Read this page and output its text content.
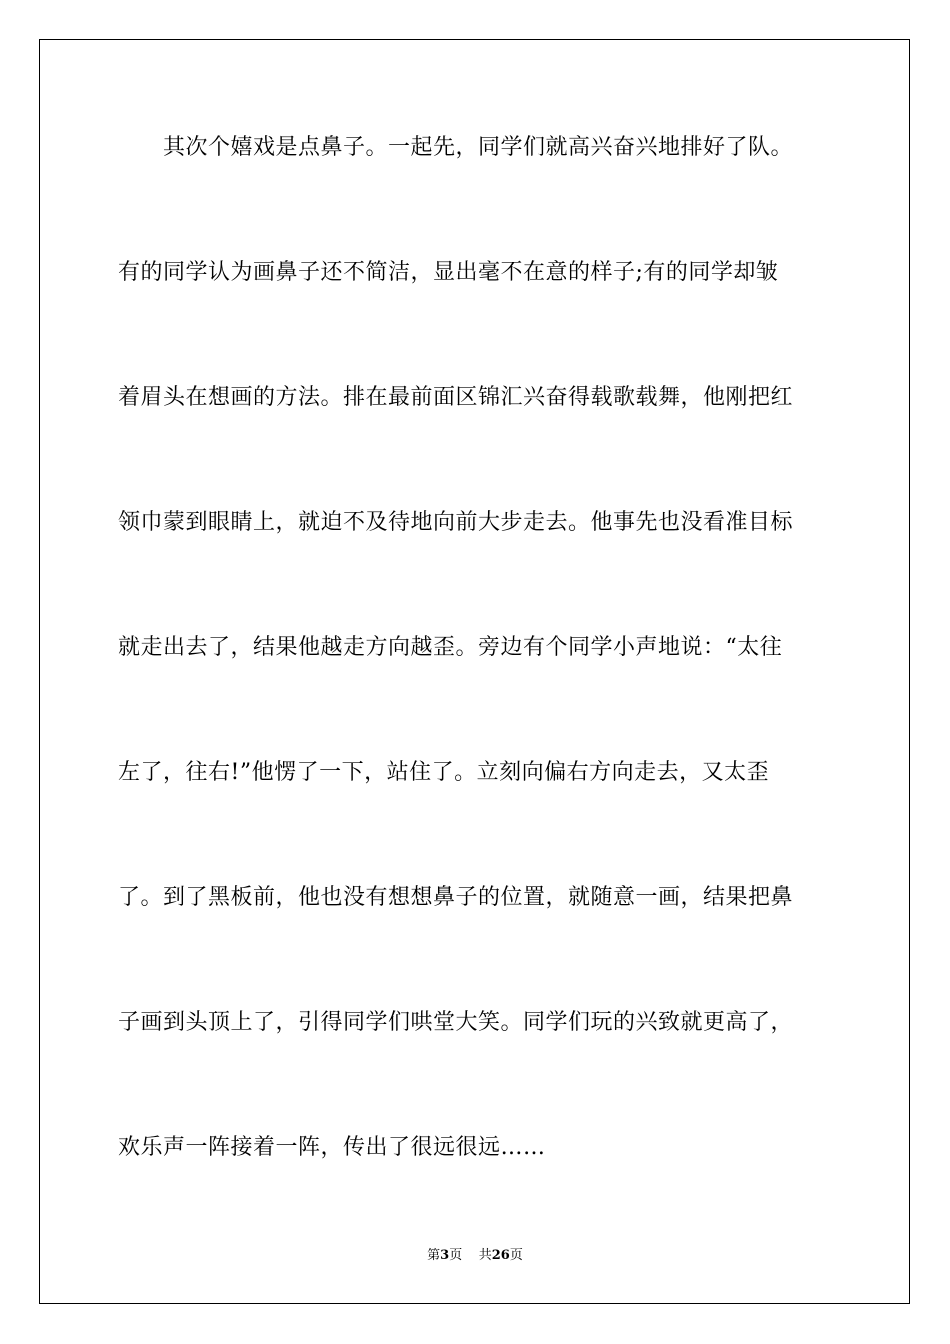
其次个嬉戏是点鼻子。一起先，同学们就高兴奋兴地排好了队。
有的同学认为画鼻子还不简洁，显出毫不在意的样子;有的同学却皱
着眉头在想画的方法。排在最前面区锦汇兴奋得载歌载舞，他刚把红
领巾蒙到眼睛上，就迫不及待地向前大步走去。他事先也没看准目标
就走出去了，结果他越走方向越歪。旁边有个同学小声地说：“太往
左了，往右!”他愣了一下，站住了。立刻向偏右方向走去，又太歪
了。到了黑板前，他也没有想想鼻子的位置，就随意一画，结果把鼻
子画到头顶上了，引得同学们哄堂大笑。同学们玩的兴致就更高了，
欢乐声一阵接着一阵，传出了很远很远……
第3页 共26页
